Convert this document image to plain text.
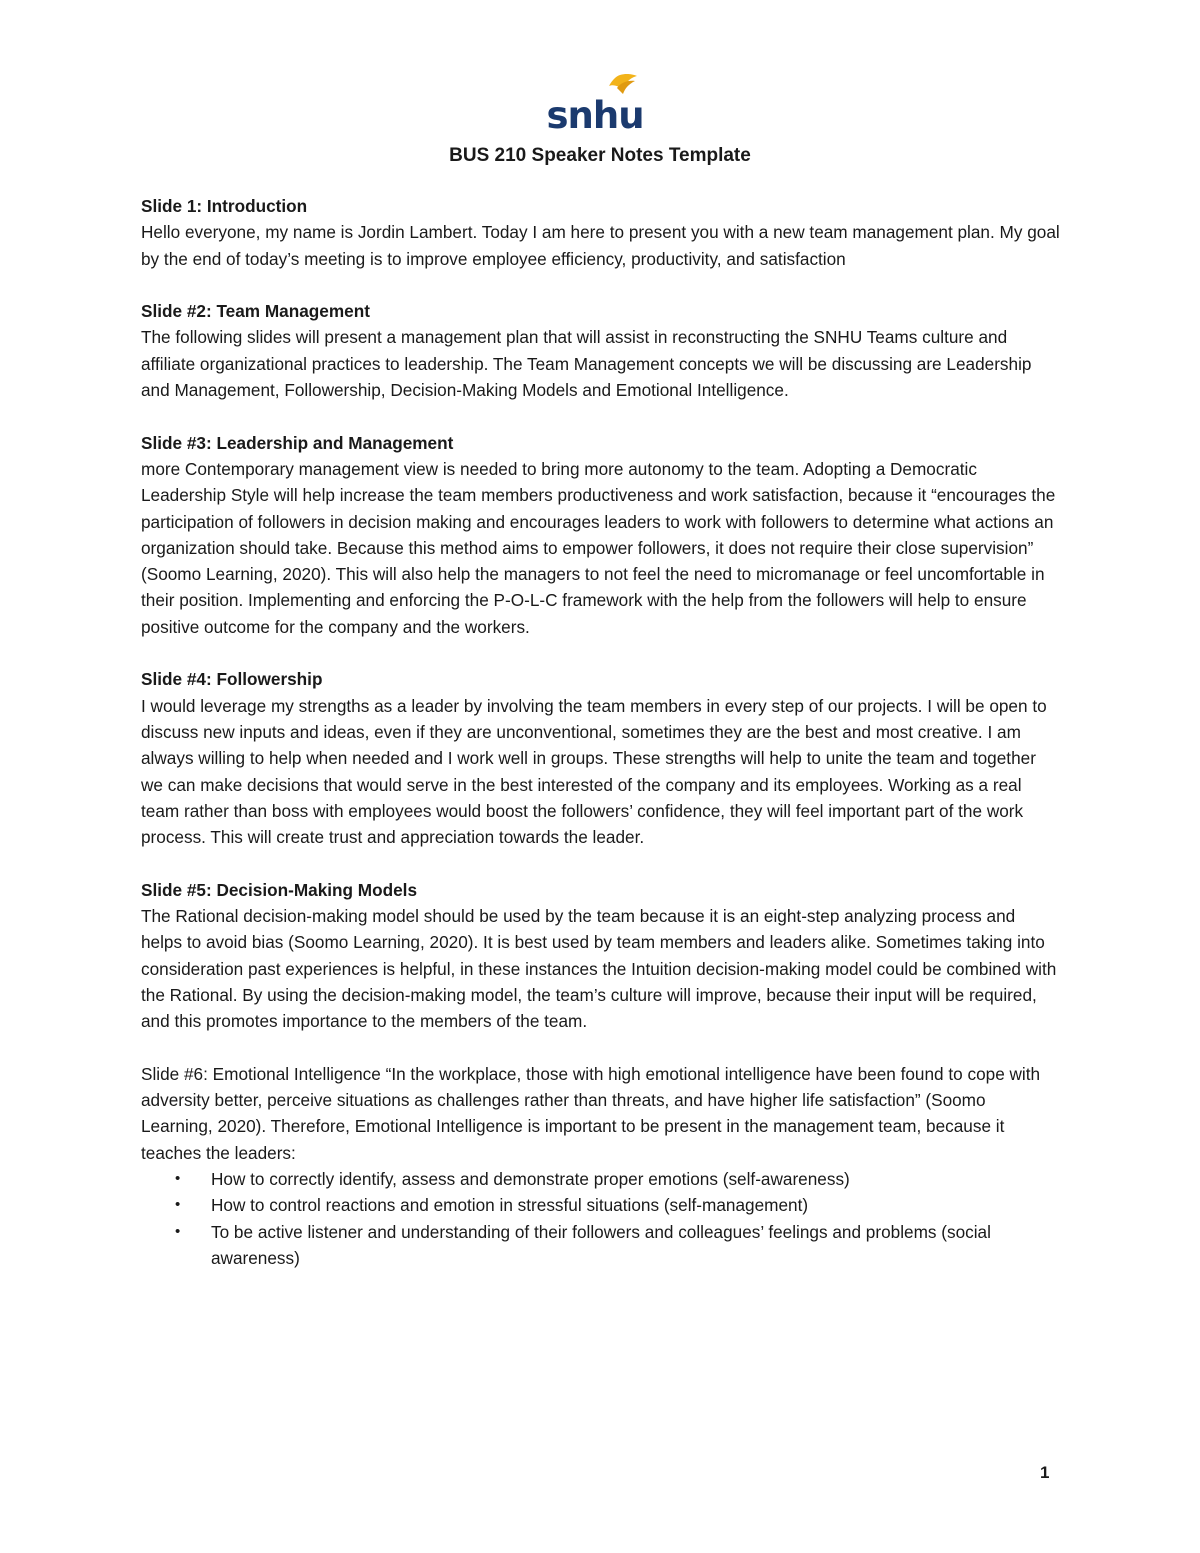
snhu
BUS 210 Speaker Notes Template

Slide 1: Introduction

Hello everyone, my name is Jordin Lambert. Today I am here to present you with a new team management plan. My goal by the end of today’s meeting is to improve employee efficiency, productivity, and satisfaction

Slide #2: Team Management

The following slides will present a management plan that will assist in reconstructing the SNHU Teams culture and affiliate organizational practices to leadership. The Team Management concepts we will be discussing are Leadership and Management, Followership, Decision-Making Models and Emotional Intelligence.

Slide #3: Leadership and Management

more Contemporary management view is needed to bring more autonomy to the team. Adopting a Democratic Leadership Style will help increase the team members productiveness and work satisfaction, because it “encourages the participation of followers in decision making and encourages leaders to work with followers to determine what actions an organization should take. Because this method aims to empower followers, it does not require their close supervision” (Soomo Learning, 2020). This will also help the managers to not feel the need to micromanage or feel uncomfortable in their position. Implementing and enforcing the P-O-L-C framework with the help from the followers will help to ensure positive outcome for the company and the workers.

Slide #4: Followership

I would leverage my strengths as a leader by involving the team members in every step of our projects. I will be open to discuss new inputs and ideas, even if they are unconventional, sometimes they are the best and most creative. I am always willing to help when needed and I work well in groups. These strengths will help to unite the team and together we can make decisions that would serve in the best interested of the company and its employees. Working as a real team rather than boss with employees would boost the followers’ confidence, they will feel important part of the work process. This will create trust and appreciation towards the leader.

Slide #5: Decision-Making Models

The Rational decision-making model should be used by the team because it is an eight-step analyzing process and helps to avoid bias (Soomo Learning, 2020). It is best used by team members and leaders alike. Sometimes taking into consideration past experiences is helpful, in these instances the Intuition decision-making model could be combined with the Rational. By using the decision-making model, the team’s culture will improve, because their input will be required, and this promotes importance to the members of the team.

Slide #6: Emotional Intelligence “In the workplace, those with high emotional intelligence have been found to cope with adversity better, perceive situations as challenges rather than threats, and have higher life satisfaction” (Soomo Learning, 2020). Therefore, Emotional Intelligence is important to be present in the management team, because it teaches the leaders:

• How to correctly identify, assess and demonstrate proper emotions (self-awareness)
• How to control reactions and emotion in stressful situations (self-management)
• To be active listener and understanding of their followers and colleagues’ feelings and problems (social awareness)
1
